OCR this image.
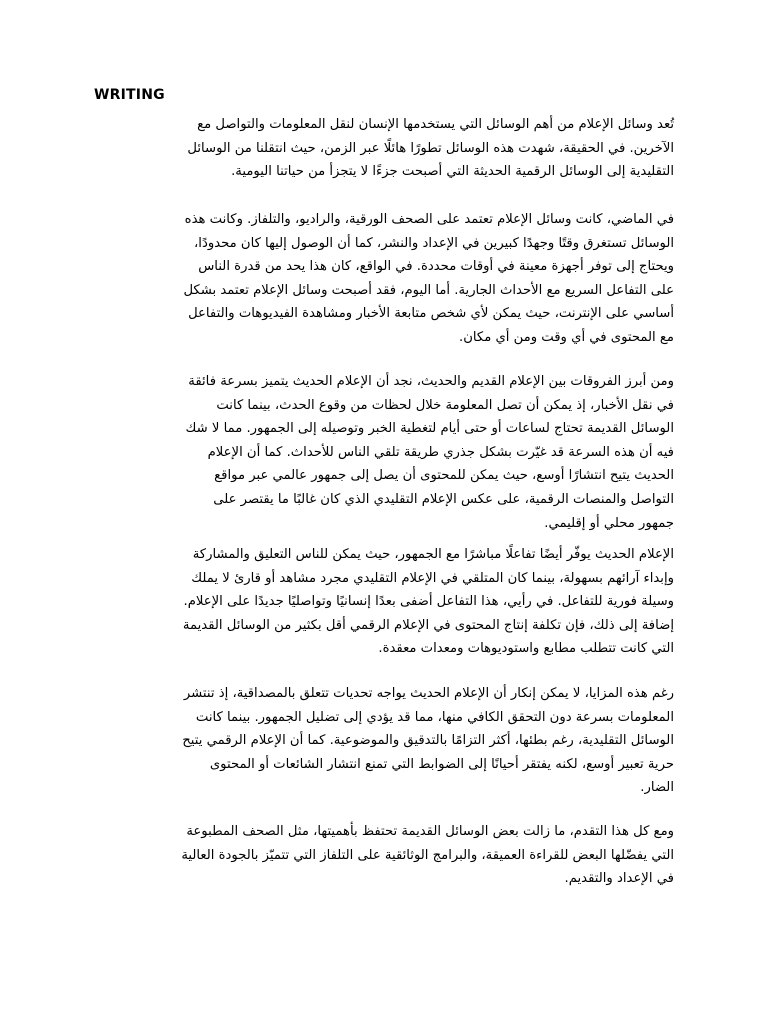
WRITING
تُعد وسائل الإعلام من أهم الوسائل التي يستخدمها الإنسان لنقل المعلومات والتواصل مع
الآخرين. في الحقيقة، شهدت هذه الوسائل تطورًا هائلًا عبر الزمن، حيث انتقلنا من الوسائل
التقليدية إلى الوسائل الرقمية الحديثة التي أصبحت جزءًا لا يتجزأ من حياتنا اليومية.
في الماضي، كانت وسائل الإعلام تعتمد على الصحف الورقية، والراديو، والتلفاز. وكانت هذه
الوسائل تستغرق وقتًا وجهدًا كبيرين في الإعداد والنشر، كما أن الوصول إليها كان محدودًا،
ويحتاج إلى توفر أجهزة معينة في أوقات محددة. في الواقع، كان هذا يحد من قدرة الناس
على التفاعل السريع مع الأحداث الجارية. أما اليوم، فقد أصبحت وسائل الإعلام تعتمد بشكل
أساسي على الإنترنت، حيث يمكن لأي شخص متابعة الأخبار ومشاهدة الفيديوهات والتفاعل
مع المحتوى في أي وقت ومن أي مكان.
ومن أبرز الفروقات بين الإعلام القديم والحديث، نجد أن الإعلام الحديث يتميز بسرعة فائقة
في نقل الأخبار، إذ يمكن أن تصل المعلومة خلال لحظات من وقوع الحدث، بينما كانت
الوسائل القديمة تحتاج لساعات أو حتى أيام لتغطية الخبر وتوصيله إلى الجمهور. مما لا شك
فيه أن هذه السرعة قد غيّرت بشكل جذري طريقة تلقي الناس للأحداث. كما أن الإعلام
الحديث يتيح انتشارًا أوسع، حيث يمكن للمحتوى أن يصل إلى جمهور عالمي عبر مواقع
التواصل والمنصات الرقمية، على عكس الإعلام التقليدي الذي كان غالبًا ما يقتصر على
جمهور محلي أو إقليمي.
الإعلام الحديث يوفّر أيضًا تفاعلًا مباشرًا مع الجمهور، حيث يمكن للناس التعليق والمشاركة
وإبداء آرائهم بسهولة، بينما كان المتلقي في الإعلام التقليدي مجرد مشاهد أو قارئ لا يملك
وسيلة فورية للتفاعل. في رأيي، هذا التفاعل أضفى بعدًا إنسانيًا وتواصليًا جديدًا على الإعلام.
إضافة إلى ذلك، فإن تكلفة إنتاج المحتوى في الإعلام الرقمي أقل بكثير من الوسائل القديمة
التي كانت تتطلب مطابع واستوديوهات ومعدات معقدة.
رغم هذه المزايا، لا يمكن إنكار أن الإعلام الحديث يواجه تحديات تتعلق بالمصداقية، إذ تنتشر
المعلومات بسرعة دون التحقق الكافي منها، مما قد يؤدي إلى تضليل الجمهور. بينما كانت
الوسائل التقليدية، رغم بطئها، أكثر التزامًا بالتدقيق والموضوعية. كما أن الإعلام الرقمي يتيح
حرية تعبير أوسع، لكنه يفتقر أحيانًا إلى الضوابط التي تمنع انتشار الشائعات أو المحتوى
الضار.
ومع كل هذا التقدم، ما زالت بعض الوسائل القديمة تحتفظ بأهميتها، مثل الصحف المطبوعة
التي يفضّلها البعض للقراءة العميقة، والبرامج الوثائقية على التلفاز التي تتميّز بالجودة العالية
في الإعداد والتقديم.
